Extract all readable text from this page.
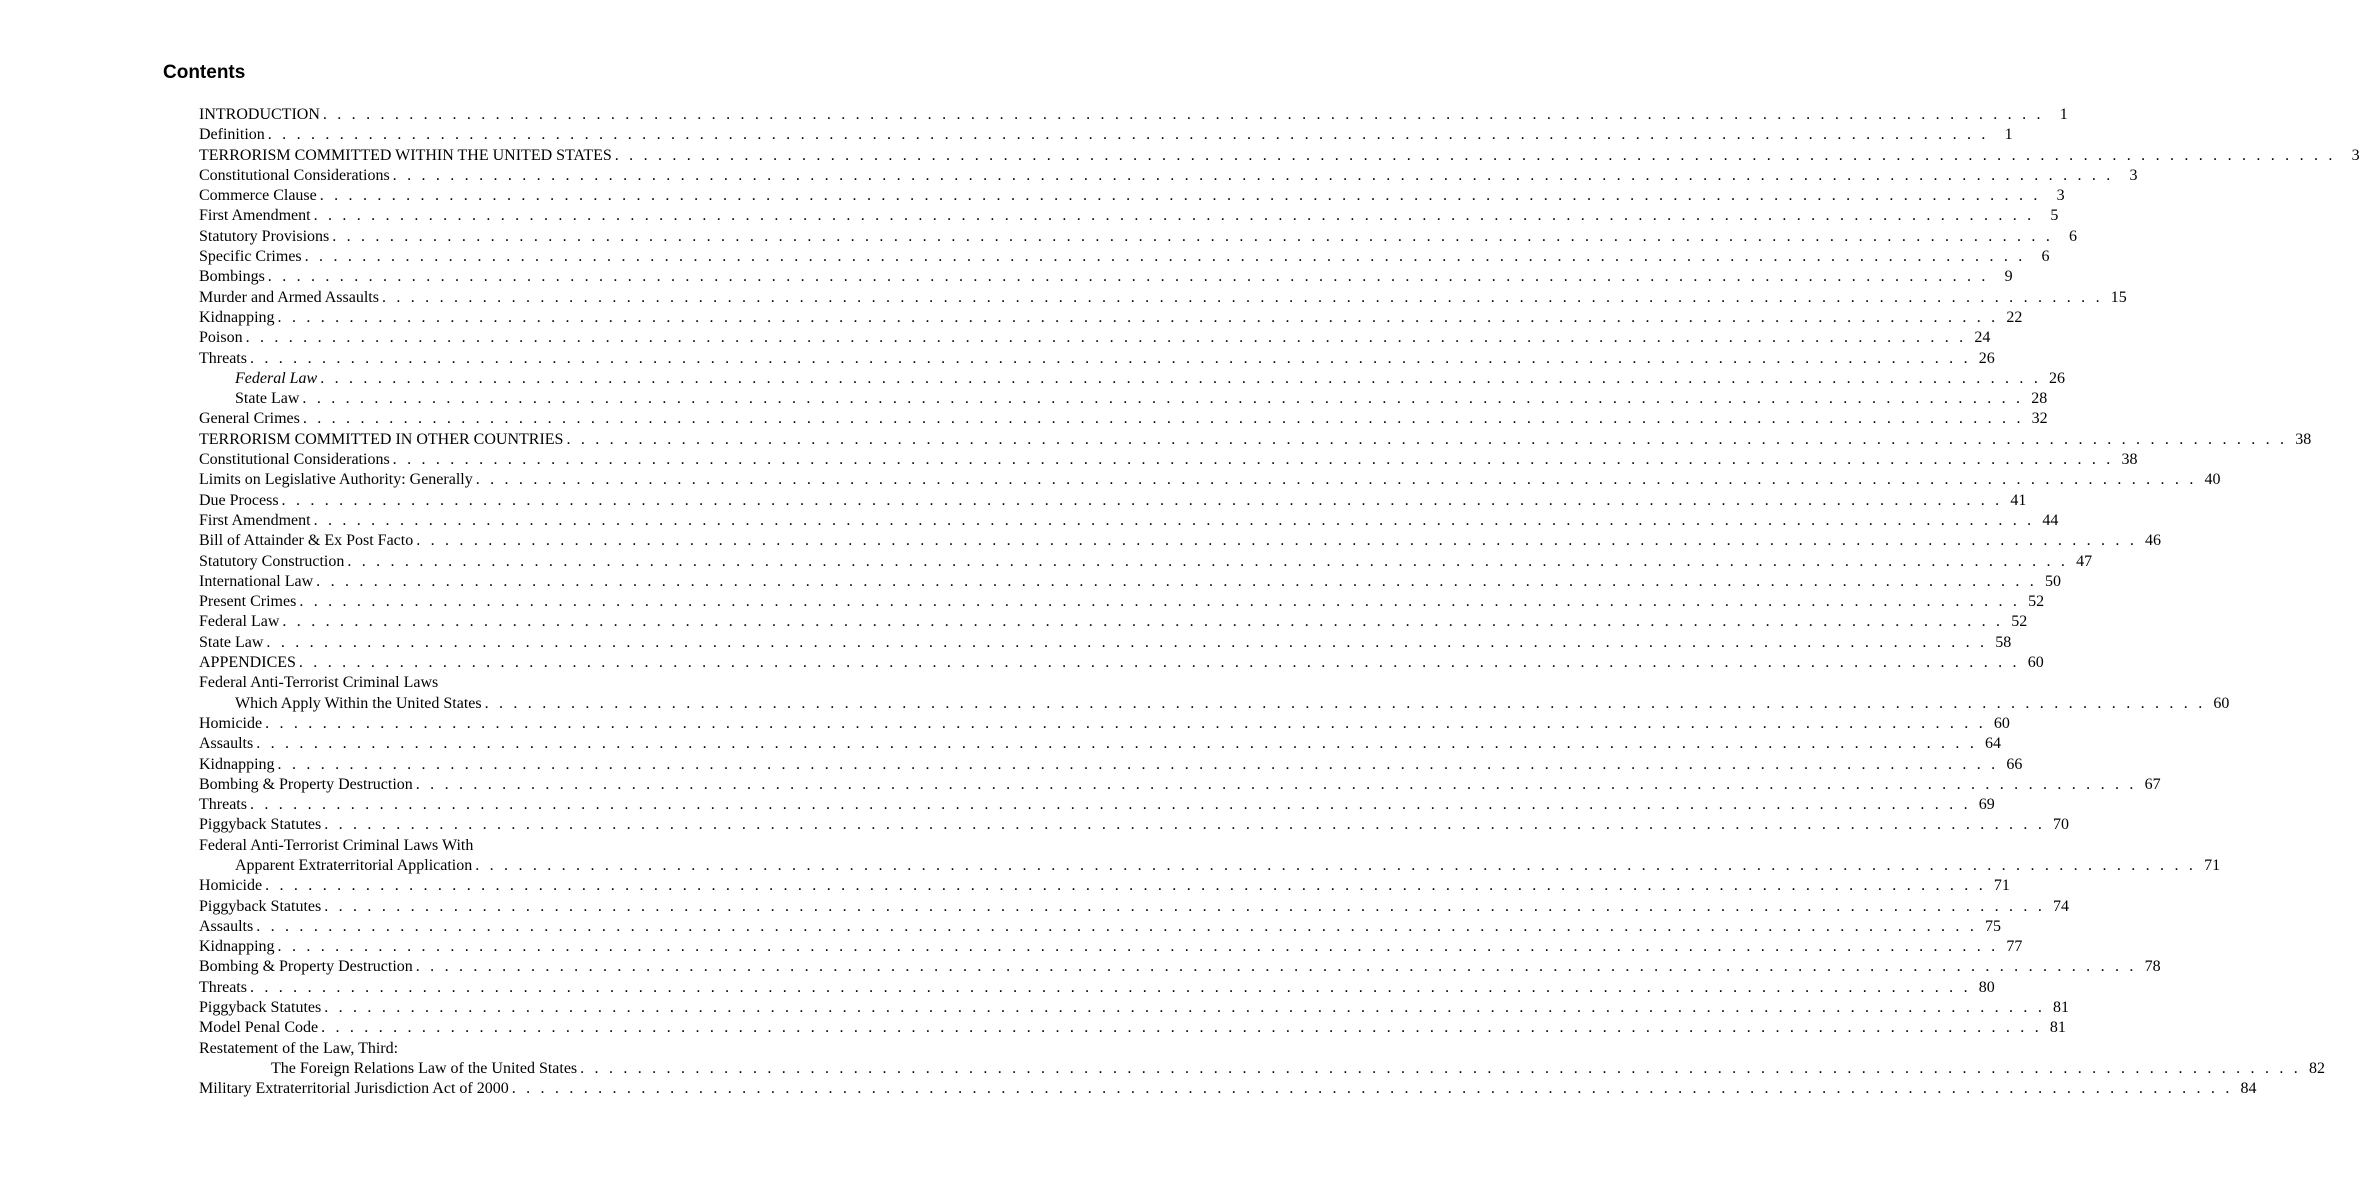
Contents
INTRODUCTION . . . . . . . . . . . . . . . . . . . . . . . . . . . . . . . . . . . . . . . . . . . . . . . . . . . . . . . . . . . . . . . . . . . . . . . . . . . . . . . . . . . . . . . . . . . . . . . . . . . . . . . . . . . . . . . . . . . . . . . .	1
Definition . . . . . . . . . . . . . . . . . . . . . . . . . . . . . . . . . . . . . . . . . . . . . . . . . . . . . . . . . . . . . . . . . . . . . . . . . . . . . . . . . . . . . . . . . . . . . . . . . . . . . . . . . . . . . . . . . . . . . . . .	1
TERRORISM COMMITTED WITHIN THE UNITED STATES . . . . . . . . . . . . . . . . . . . . . . . . . . . . . . . . . . . . . . . . . . . . . . . . . . . . . . . . . . . . . . . . . . . . . . . . . . . . . . . . . . . . . . . . . . . . . . . . . . . . . . . . . . . . . . . . . . . . . . . .	3
Constitutional Considerations . . . . . . . . . . . . . . . . . . . . . . . . . . . . . . . . . . . . . . . . . . . . . . . . . . . . . . . . . . . . . . . . . . . . . . . . . . . . . . . . . . . . . . . . . . . . . . . . . . . . . . . . . . . . . . . . . . . . . . . .	3
Commerce Clause . . . . . . . . . . . . . . . . . . . . . . . . . . . . . . . . . . . . . . . . . . . . . . . . . . . . . . . . . . . . . . . . . . . . . . . . . . . . . . . . . . . . . . . . . . . . . . . . . . . . . . . . . . . . . . . . . . . . . . . .	3
First Amendment . . . . . . . . . . . . . . . . . . . . . . . . . . . . . . . . . . . . . . . . . . . . . . . . . . . . . . . . . . . . . . . . . . . . . . . . . . . . . . . . . . . . . . . . . . . . . . . . . . . . . . . . . . . . . . . . . . . . . . . .	5
Statutory Provisions . . . . . . . . . . . . . . . . . . . . . . . . . . . . . . . . . . . . . . . . . . . . . . . . . . . . . . . . . . . . . . . . . . . . . . . . . . . . . . . . . . . . . . . . . . . . . . . . . . . . . . . . . . . . . . . . . . . . . . . .	6
Specific Crimes . . . . . . . . . . . . . . . . . . . . . . . . . . . . . . . . . . . . . . . . . . . . . . . . . . . . . . . . . . . . . . . . . . . . . . . . . . . . . . . . . . . . . . . . . . . . . . . . . . . . . . . . . . . . . . . . . . . . . . . .	6
Bombings . . . . . . . . . . . . . . . . . . . . . . . . . . . . . . . . . . . . . . . . . . . . . . . . . . . . . . . . . . . . . . . . . . . . . . . . . . . . . . . . . . . . . . . . . . . . . . . . . . . . . . . . . . . . . . . . . . . . . . . .	9
Murder and Armed Assaults . . . . . . . . . . . . . . . . . . . . . . . . . . . . . . . . . . . . . . . . . . . . . . . . . . . . . . . . . . . . . . . . . . . . . . . . . . . . . . . . . . . . . . . . . . . . . . . . . . . . . . . . . . . . . . . . . . . . . . . . 15
Kidnapping . . . . . . . . . . . . . . . . . . . . . . . . . . . . . . . . . . . . . . . . . . . . . . . . . . . . . . . . . . . . . . . . . . . . . . . . . . . . . . . . . . . . . . . . . . . . . . . . . . . . . . . . . . . . . . . . . . . . . . . . 22
Poison . . . . . . . . . . . . . . . . . . . . . . . . . . . . . . . . . . . . . . . . . . . . . . . . . . . . . . . . . . . . . . . . . . . . . . . . . . . . . . . . . . . . . . . . . . . . . . . . . . . . . . . . . . . . . . . . . . . . . . . . 24
Threats . . . . . . . . . . . . . . . . . . . . . . . . . . . . . . . . . . . . . . . . . . . . . . . . . . . . . . . . . . . . . . . . . . . . . . . . . . . . . . . . . . . . . . . . . . . . . . . . . . . . . . . . . . . . . . . . . . . . . . . . 26
Federal Law . . . . . . . . . . . . . . . . . . . . . . . . . . . . . . . . . . . . . . . . . . . . . . . . . . . . . . . . . . . . . . . . . . . . . . . . . . . . . . . . . . . . . . . . . . . . . . . . . . . . . . . . . . . . . . . . . . . . . . . . 26
State Law . . . . . . . . . . . . . . . . . . . . . . . . . . . . . . . . . . . . . . . . . . . . . . . . . . . . . . . . . . . . . . . . . . . . . . . . . . . . . . . . . . . . . . . . . . . . . . . . . . . . . . . . . . . . . . . . . . . . . . . . 28
General Crimes . . . . . . . . . . . . . . . . . . . . . . . . . . . . . . . . . . . . . . . . . . . . . . . . . . . . . . . . . . . . . . . . . . . . . . . . . . . . . . . . . . . . . . . . . . . . . . . . . . . . . . . . . . . . . . . . . . . . . . . . 32
TERRORISM COMMITTED IN OTHER COUNTRIES . . . . . . . . . . . . . . . . . . . . . . . . . . . . . . . . . . . . . . . . . . . . . . . . . . . . . . . . . . . . . . . . . . . . . . . . . . . . . . . . . . . . . . . . . . . . . . . . . . . . . . . . . . . . . . . . . . . . . . . . 38
Constitutional Considerations . . . . . . . . . . . . . . . . . . . . . . . . . . . . . . . . . . . . . . . . . . . . . . . . . . . . . . . . . . . . . . . . . . . . . . . . . . . . . . . . . . . . . . . . . . . . . . . . . . . . . . . . . . . . . . . . . . . . . . . . 38
Limits on Legislative Authority: Generally . . . . . . . . . . . . . . . . . . . . . . . . . . . . . . . . . . . . . . . . . . . . . . . . . . . . . . . . . . . . . . . . . . . . . . . . . . . . . . . . . . . . . . . . . . . . . . . . . . . . . . . . . . . . . . . . . . . . . . . . 40
Due Process . . . . . . . . . . . . . . . . . . . . . . . . . . . . . . . . . . . . . . . . . . . . . . . . . . . . . . . . . . . . . . . . . . . . . . . . . . . . . . . . . . . . . . . . . . . . . . . . . . . . . . . . . . . . . . . . . . . . . . . . 41
First Amendment . . . . . . . . . . . . . . . . . . . . . . . . . . . . . . . . . . . . . . . . . . . . . . . . . . . . . . . . . . . . . . . . . . . . . . . . . . . . . . . . . . . . . . . . . . . . . . . . . . . . . . . . . . . . . . . . . . . . . . . . 44
Bill of Attainder & Ex Post Facto . . . . . . . . . . . . . . . . . . . . . . . . . . . . . . . . . . . . . . . . . . . . . . . . . . . . . . . . . . . . . . . . . . . . . . . . . . . . . . . . . . . . . . . . . . . . . . . . . . . . . . . . . . . . . . . . . . . . . . . . 46
Statutory Construction . . . . . . . . . . . . . . . . . . . . . . . . . . . . . . . . . . . . . . . . . . . . . . . . . . . . . . . . . . . . . . . . . . . . . . . . . . . . . . . . . . . . . . . . . . . . . . . . . . . . . . . . . . . . . . . . . . . . . . . . 47
International Law . . . . . . . . . . . . . . . . . . . . . . . . . . . . . . . . . . . . . . . . . . . . . . . . . . . . . . . . . . . . . . . . . . . . . . . . . . . . . . . . . . . . . . . . . . . . . . . . . . . . . . . . . . . . . . . . . . . . . . . . 50
Present Crimes . . . . . . . . . . . . . . . . . . . . . . . . . . . . . . . . . . . . . . . . . . . . . . . . . . . . . . . . . . . . . . . . . . . . . . . . . . . . . . . . . . . . . . . . . . . . . . . . . . . . . . . . . . . . . . . . . . . . . . . . 52
Federal Law . . . . . . . . . . . . . . . . . . . . . . . . . . . . . . . . . . . . . . . . . . . . . . . . . . . . . . . . . . . . . . . . . . . . . . . . . . . . . . . . . . . . . . . . . . . . . . . . . . . . . . . . . . . . . . . . . . . . . . . . 52
State Law . . . . . . . . . . . . . . . . . . . . . . . . . . . . . . . . . . . . . . . . . . . . . . . . . . . . . . . . . . . . . . . . . . . . . . . . . . . . . . . . . . . . . . . . . . . . . . . . . . . . . . . . . . . . . . . . . . . . . . . . 58
APPENDICES . . . . . . . . . . . . . . . . . . . . . . . . . . . . . . . . . . . . . . . . . . . . . . . . . . . . . . . . . . . . . . . . . . . . . . . . . . . . . . . . . . . . . . . . . . . . . . . . . . . . . . . . . . . . . . . . . . . . . . . . 60
Federal Anti-Terrorist Criminal Laws
Which Apply Within the United States . . . . . . . . . . . . . . . . . . . . . . . . . . . . . . . . . . . . . . . . . . . . . . . . . . . . . . . . . . . . . . . . . . . . . . . . . . . . . . . . . . . . . . . . . . . . . . . . . . . . . . . . . . . . . . . . . . . . . . . . 60
Homicide . . . . . . . . . . . . . . . . . . . . . . . . . . . . . . . . . . . . . . . . . . . . . . . . . . . . . . . . . . . . . . . . . . . . . . . . . . . . . . . . . . . . . . . . . . . . . . . . . . . . . . . . . . . . . . . . . . . . . . . . 60
Assaults . . . . . . . . . . . . . . . . . . . . . . . . . . . . . . . . . . . . . . . . . . . . . . . . . . . . . . . . . . . . . . . . . . . . . . . . . . . . . . . . . . . . . . . . . . . . . . . . . . . . . . . . . . . . . . . . . . . . . . . . 64
Kidnapping . . . . . . . . . . . . . . . . . . . . . . . . . . . . . . . . . . . . . . . . . . . . . . . . . . . . . . . . . . . . . . . . . . . . . . . . . . . . . . . . . . . . . . . . . . . . . . . . . . . . . . . . . . . . . . . . . . . . . . . . 66
Bombing & Property Destruction . . . . . . . . . . . . . . . . . . . . . . . . . . . . . . . . . . . . . . . . . . . . . . . . . . . . . . . . . . . . . . . . . . . . . . . . . . . . . . . . . . . . . . . . . . . . . . . . . . . . . . . . . . . . . . . . . . . . . . . . 67
Threats . . . . . . . . . . . . . . . . . . . . . . . . . . . . . . . . . . . . . . . . . . . . . . . . . . . . . . . . . . . . . . . . . . . . . . . . . . . . . . . . . . . . . . . . . . . . . . . . . . . . . . . . . . . . . . . . . . . . . . . . 69
Piggyback Statutes . . . . . . . . . . . . . . . . . . . . . . . . . . . . . . . . . . . . . . . . . . . . . . . . . . . . . . . . . . . . . . . . . . . . . . . . . . . . . . . . . . . . . . . . . . . . . . . . . . . . . . . . . . . . . . . . . . . . . . . . 70
Federal Anti-Terrorist Criminal Laws With
Apparent Extraterritorial Application . . . . . . . . . . . . . . . . . . . . . . . . . . . . . . . . . . . . . . . . . . . . . . . . . . . . . . . . . . . . . . . . . . . . . . . . . . . . . . . . . . . . . . . . . . . . . . . . . . . . . . . . . . . . . . . . . . . . . . . . 71
Homicide . . . . . . . . . . . . . . . . . . . . . . . . . . . . . . . . . . . . . . . . . . . . . . . . . . . . . . . . . . . . . . . . . . . . . . . . . . . . . . . . . . . . . . . . . . . . . . . . . . . . . . . . . . . . . . . . . . . . . . . . 71
Piggyback Statutes . . . . . . . . . . . . . . . . . . . . . . . . . . . . . . . . . . . . . . . . . . . . . . . . . . . . . . . . . . . . . . . . . . . . . . . . . . . . . . . . . . . . . . . . . . . . . . . . . . . . . . . . . . . . . . . . . . . . . . . . 74
Assaults . . . . . . . . . . . . . . . . . . . . . . . . . . . . . . . . . . . . . . . . . . . . . . . . . . . . . . . . . . . . . . . . . . . . . . . . . . . . . . . . . . . . . . . . . . . . . . . . . . . . . . . . . . . . . . . . . . . . . . . . 75
Kidnapping . . . . . . . . . . . . . . . . . . . . . . . . . . . . . . . . . . . . . . . . . . . . . . . . . . . . . . . . . . . . . . . . . . . . . . . . . . . . . . . . . . . . . . . . . . . . . . . . . . . . . . . . . . . . . . . . . . . . . . . . 77
Bombing & Property Destruction . . . . . . . . . . . . . . . . . . . . . . . . . . . . . . . . . . . . . . . . . . . . . . . . . . . . . . . . . . . . . . . . . . . . . . . . . . . . . . . . . . . . . . . . . . . . . . . . . . . . . . . . . . . . . . . . . . . . . . . . 78
Threats . . . . . . . . . . . . . . . . . . . . . . . . . . . . . . . . . . . . . . . . . . . . . . . . . . . . . . . . . . . . . . . . . . . . . . . . . . . . . . . . . . . . . . . . . . . . . . . . . . . . . . . . . . . . . . . . . . . . . . . . 80
Piggyback Statutes . . . . . . . . . . . . . . . . . . . . . . . . . . . . . . . . . . . . . . . . . . . . . . . . . . . . . . . . . . . . . . . . . . . . . . . . . . . . . . . . . . . . . . . . . . . . . . . . . . . . . . . . . . . . . . . . . . . . . . . . 81
Model Penal Code . . . . . . . . . . . . . . . . . . . . . . . . . . . . . . . . . . . . . . . . . . . . . . . . . . . . . . . . . . . . . . . . . . . . . . . . . . . . . . . . . . . . . . . . . . . . . . . . . . . . . . . . . . . . . . . . . . . . . . . . 81
Restatement of the Law, Third:
The Foreign Relations Law of the United States . . . . . . . . . . . . . . . . . . . . . . . . . . . . . . . . . . . . . . . . . . . . . . . . . . . . . . . . . . . . . . . . . . . . . . . . . . . . . . . . . . . . . . . . . . . . . . . . . . . . . . . . . . . . . . . . . . . . . . . . 82
Military Extraterritorial Jurisdiction Act of 2000 . . . . . . . . . . . . . . . . . . . . . . . . . . . . . . . . . . . . . . . . . . . . . . . . . . . . . . . . . . . . . . . . . . . . . . . . . . . . . . . . . . . . . . . . . . . . . . . . . . . . . . . . . . . . . . . . . . . . . . . . 84
